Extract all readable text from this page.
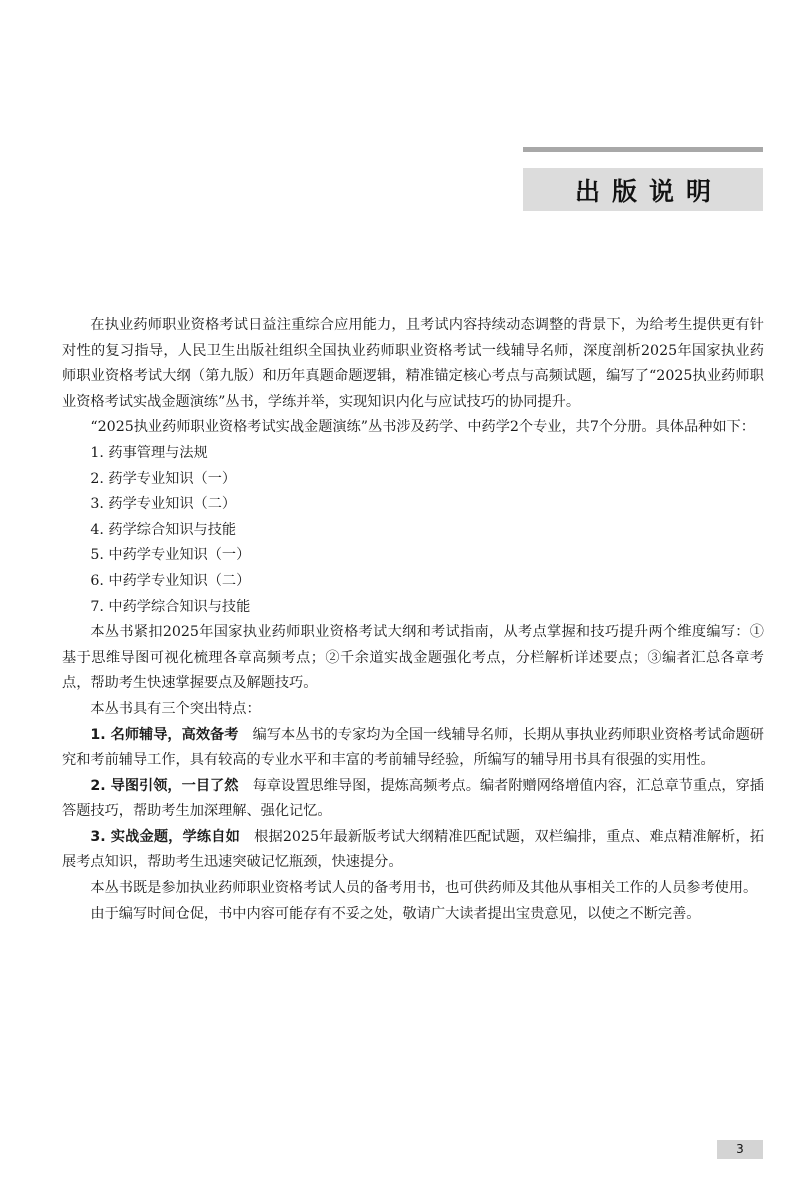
出版说明

在执业药师职业资格考试日益注重综合应用能力，且考试内容持续动态调整的背景下，为给考生提供更有针对性的复习指导，人民卫生出版社组织全国执业药师职业资格考试一线辅导名师，深度剖析2025年国家执业药师职业资格考试大纲（第九版）和历年真题命题逻辑，精准锚定核心考点与高频试题，编写了“2025执业药师职业资格考试实战金题演练”丛书，学练并举，实现知识内化与应试技巧的协同提升。

“2025执业药师职业资格考试实战金题演练”丛书涉及药学、中药学2个专业，共7个分册。具体品种如下：

1. 药事管理与法规
2. 药学专业知识（一）
3. 药学专业知识（二）
4. 药学综合知识与技能
5. 中药学专业知识（一）
6. 中药学专业知识（二）
7. 中药学综合知识与技能

本丛书紧扣2025年国家执业药师职业资格考试大纲和考试指南，从考点掌握和技巧提升两个维度编写：①基于思维导图可视化梳理各章高频考点；②千余道实战金题强化考点，分栏解析详述要点；③编者汇总各章考点，帮助考生快速掌握要点及解题技巧。

本丛书具有三个突出特点：

1. 名师辅导，高效备考 编写本丛书的专家均为全国一线辅导名师，长期从事执业药师职业资格考试命题研究和考前辅导工作，具有较高的专业水平和丰富的考前辅导经验，所编写的辅导用书具有很强的实用性。

2. 导图引领，一目了然 每章设置思维导图，提炼高频考点。编者附赠网络增值内容，汇总章节重点，穿插答题技巧，帮助考生加深理解、强化记忆。

3. 实战金题，学练自如 根据2025年最新版考试大纲精准匹配试题，双栏编排，重点、难点精准解析，拓展考点知识，帮助考生迅速突破记忆瓶颈，快速提分。

本丛书既是参加执业药师职业资格考试人员的备考用书，也可供药师及其他从事相关工作的人员参考使用。

由于编写时间仓促，书中内容可能存有不妥之处，敬请广大读者提出宝贵意见，以使之不断完善。

3
